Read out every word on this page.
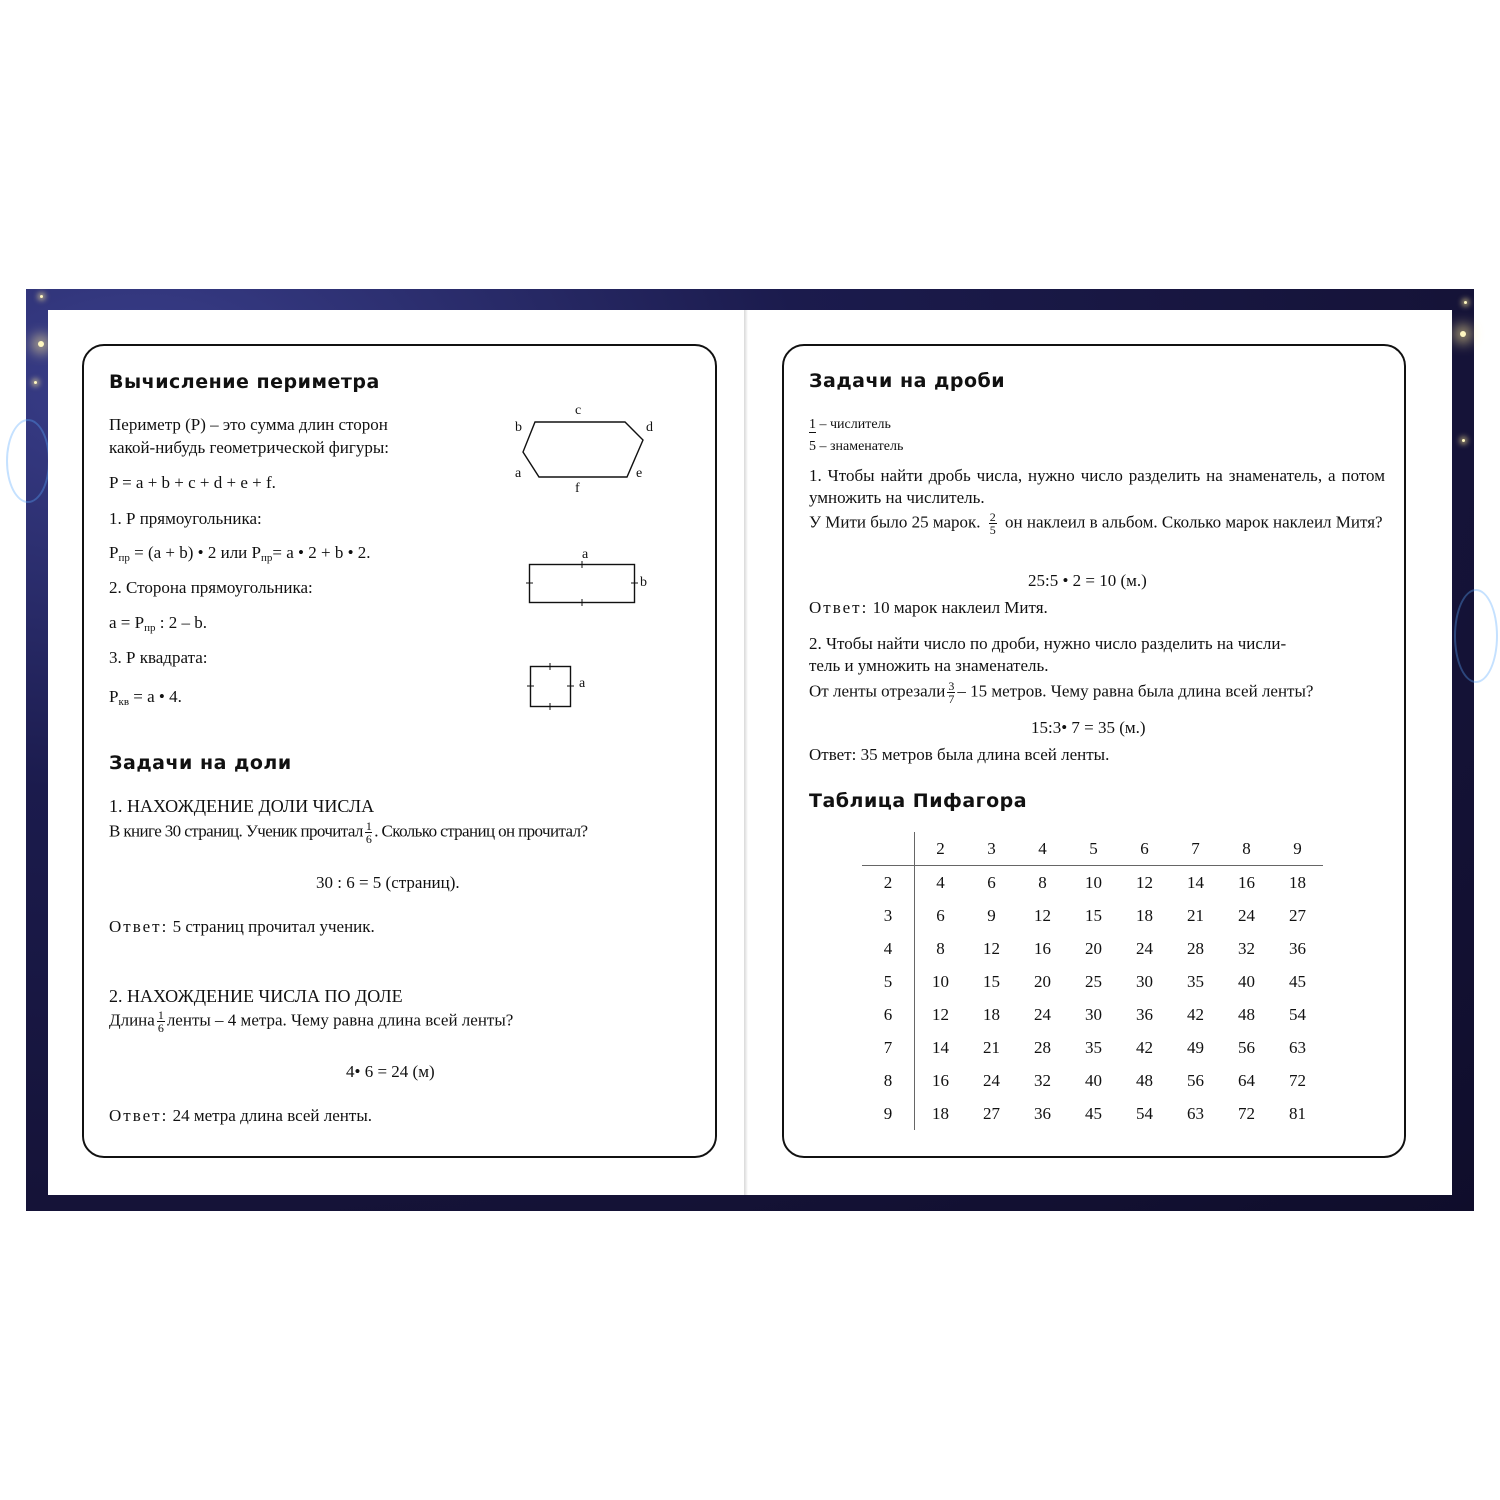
Вычисление периметра
Периметр (Р) – это сумма длин сторон
какой-нибудь геометрической фигуры:
P = a + b + c + d + e + f.
c
b	d
a	e
f
1. Р прямоугольника:
$P_{пр} = (a + b)$ • 2 или $P_{пр}= a$ • 2 + b • 2.	a
b
2. Сторона прямоугольника:
$a = P_{пр}$ : 2 – b.
3. Р квадрата:
$P_{кв} = a$ • 4.
a
Задачи на доли
1. НАХОЖДЕНИЕ ДОЛИ ЧИСЛА
В книге 30 страниц. Ученик прочитал $\frac{1}{6}$ . Сколько страниц он прочитал?
30 : 6 = 5 (страниц).
Ответ: 5 страниц прочитал ученик.
2. НАХОЖДЕНИЕ ЧИСЛА ПО ДОЛЕ
Длина $\frac{1}{6}$ ленты – 4 метра. Чему равна длина всей ленты?
4• 6 = 24 (м)
Ответ: 24 метра длина всей ленты.
Задачи на дроби
1 – числитель
5 – знаменатель
1. Чтобы найти дробь числа, нужно число разделить на знаменатель, а потом умножить на числитель.
У Мити было 25 марок. $\frac{2}{5}$ он наклеил в альбом. Сколько марок наклеил Митя?
25:5 • 2 = 10 (м.)
Ответ: 10 марок наклеил Митя.
2. Чтобы найти число по дроби, нужно число разделить на числи-
тель и умножить на знаменатель.
От ленты отрезали $\frac{3}{7} - 15$ метров. Чему равна была длина всей ленты?
15:3• 7 = 35 (м.)
Ответ: 35 метров была длина всей ленты.
Таблица Пифагора
	2	3	4	5	6	7	8	9
2	4	6	8	10	12	14	16	18
3	6	9	12	15	18	21	24	27
4	8	12	16	20	24	28	32	36
5	10	15	20	25	30	35	40	45
6	12	18	24	30	36	42	48	54
7	14	21	28	35	42	49	56	63
8	16	24	32	40	48	56	64	72
9	18	27	36	45	54	63	72	81
